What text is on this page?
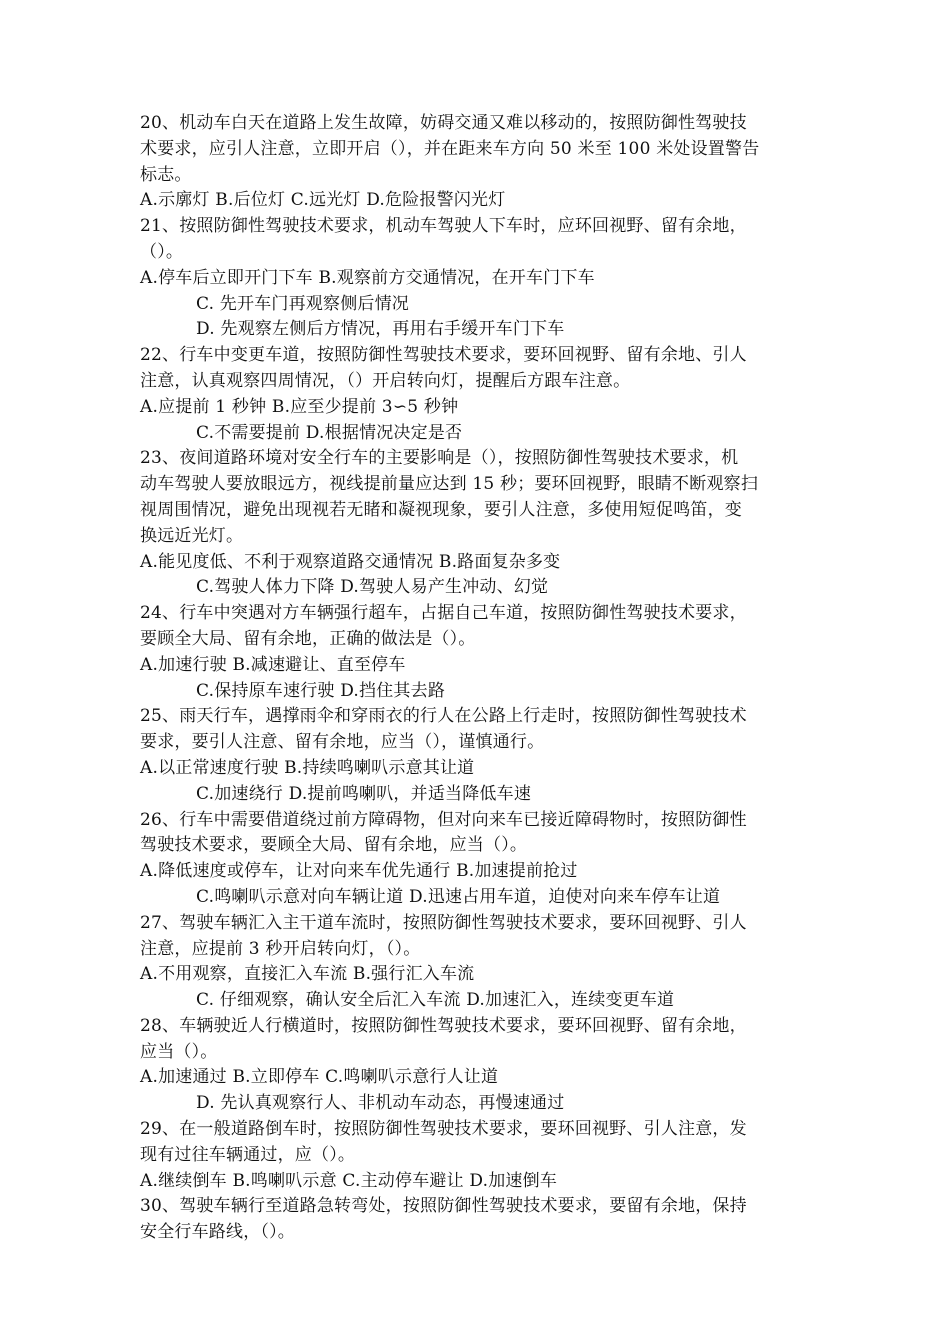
20、机动车白天在道路上发生故障，妨碍交通又难以移动的，按照防御性驾驶技
术要求，应引人注意，立即开启（），并在距来车方向 50 米至 100 米处设置警告
标志。
A.示廓灯 B.后位灯 C.远光灯 D.危险报警闪光灯
21、按照防御性驾驶技术要求，机动车驾驶人下车时，应环回视野、留有余地，
（）。
A.停车后立即开门下车 B.观察前方交通情况，在开车门下车
C. 先开车门再观察侧后情况
D. 先观察左侧后方情况，再用右手缓开车门下车
22、行车中变更车道，按照防御性驾驶技术要求，要环回视野、留有余地、引人
注意，认真观察四周情况，（）开启转向灯，提醒后方跟车注意。
A.应提前 1 秒钟 B.应至少提前 3∽5 秒钟
C.不需要提前 D.根据情况决定是否
23、夜间道路环境对安全行车的主要影响是（），按照防御性驾驶技术要求，机
动车驾驶人要放眼远方，视线提前量应达到 15 秒；要环回视野，眼睛不断观察扫
视周围情况，避免出现视若无睹和凝视现象，要引人注意，多使用短促鸣笛，变
换远近光灯。
A.能见度低、不利于观察道路交通情况 B.路面复杂多变
C.驾驶人体力下降 D.驾驶人易产生冲动、幻觉
24、行车中突遇对方车辆强行超车，占据自己车道，按照防御性驾驶技术要求，
要顾全大局、留有余地，正确的做法是（）。
A.加速行驶 B.减速避让、直至停车
C.保持原车速行驶 D.挡住其去路
25、雨天行车，遇撑雨伞和穿雨衣的行人在公路上行走时，按照防御性驾驶技术
要求，要引人注意、留有余地，应当（），谨慎通行。
A.以正常速度行驶 B.持续鸣喇叭示意其让道
C.加速绕行 D.提前鸣喇叭，并适当降低车速
26、行车中需要借道绕过前方障碍物，但对向来车已接近障碍物时，按照防御性
驾驶技术要求，要顾全大局、留有余地，应当（）。
A.降低速度或停车，让对向来车优先通行 B.加速提前抢过
C.鸣喇叭示意对向车辆让道 D.迅速占用车道，迫使对向来车停车让道
27、驾驶车辆汇入主干道车流时，按照防御性驾驶技术要求，要环回视野、引人
注意，应提前 3 秒开启转向灯，（）。
A.不用观察，直接汇入车流 B.强行汇入车流
C. 仔细观察，确认安全后汇入车流 D.加速汇入，连续变更车道
28、车辆驶近人行横道时，按照防御性驾驶技术要求，要环回视野、留有余地，
应当（）。
A.加速通过 B.立即停车 C.鸣喇叭示意行人让道
D. 先认真观察行人、非机动车动态，再慢速通过
29、在一般道路倒车时，按照防御性驾驶技术要求，要环回视野、引人注意，发
现有过往车辆通过，应（）。
A.继续倒车 B.鸣喇叭示意 C.主动停车避让 D.加速倒车
30、驾驶车辆行至道路急转弯处，按照防御性驾驶技术要求，要留有余地，保持
安全行车路线，（）。
